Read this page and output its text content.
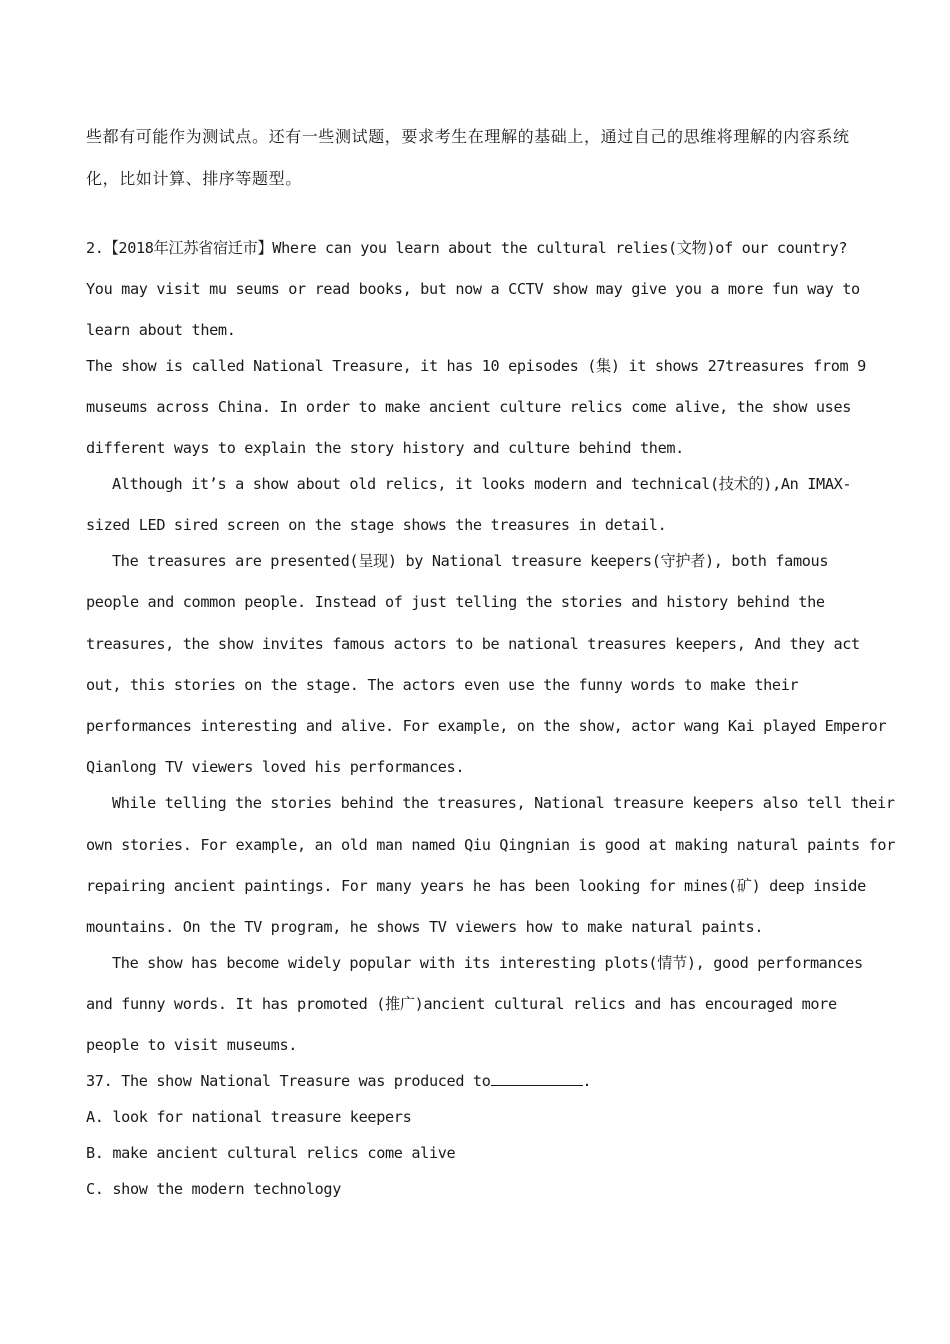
些都有可能作为测试点。还有一些测试题，要求考生在理解的基础上，通过自己的思维将理解的内容系统
化，比如计算、排序等题型。
2.【2018年江苏省宿迁市】Where can you learn about the cultural relies(文物)of our country?
You may visit mu seums or read books, but now a CCTV show may give you a more fun way to
learn about them.
The show is called National Treasure, it has 10 episodes (集) it shows 27treasures from 9
museums across China. In order to make ancient culture relics come alive, the show uses
different ways to explain the story history and culture behind them.
Although it’s a show about old relics, it looks modern and technical(技术的),An IMAX-
sized LED sired screen on the stage shows the treasures in detail.
The treasures are presented(呈现) by National treasure keepers(守护者), both famous
people and common people. Instead of just telling the stories and history behind the
treasures, the show invites famous actors to be national treasures keepers, And they act
out, this stories on the stage. The actors even use the funny words to make their
performances interesting and alive. For example, on the show, actor wang Kai played Emperor
Qianlong TV viewers loved his performances.
While telling the stories behind the treasures, National treasure keepers also tell their
own stories. For example, an old man named Qiu Qingnian is good at making natural paints for
repairing ancient paintings. For many years he has been looking for mines(矿) deep inside
mountains. On the TV program, he shows TV viewers how to make natural paints.
The show has become widely popular with its interesting plots(情节), good performances
and funny words. It has promoted (推广)ancient cultural relics and has encouraged more
people to visit museums.
37. The show National Treasure was produced to	.
A. look for national treasure keepers
B. make ancient cultural relics come alive
C. show the modern technology
